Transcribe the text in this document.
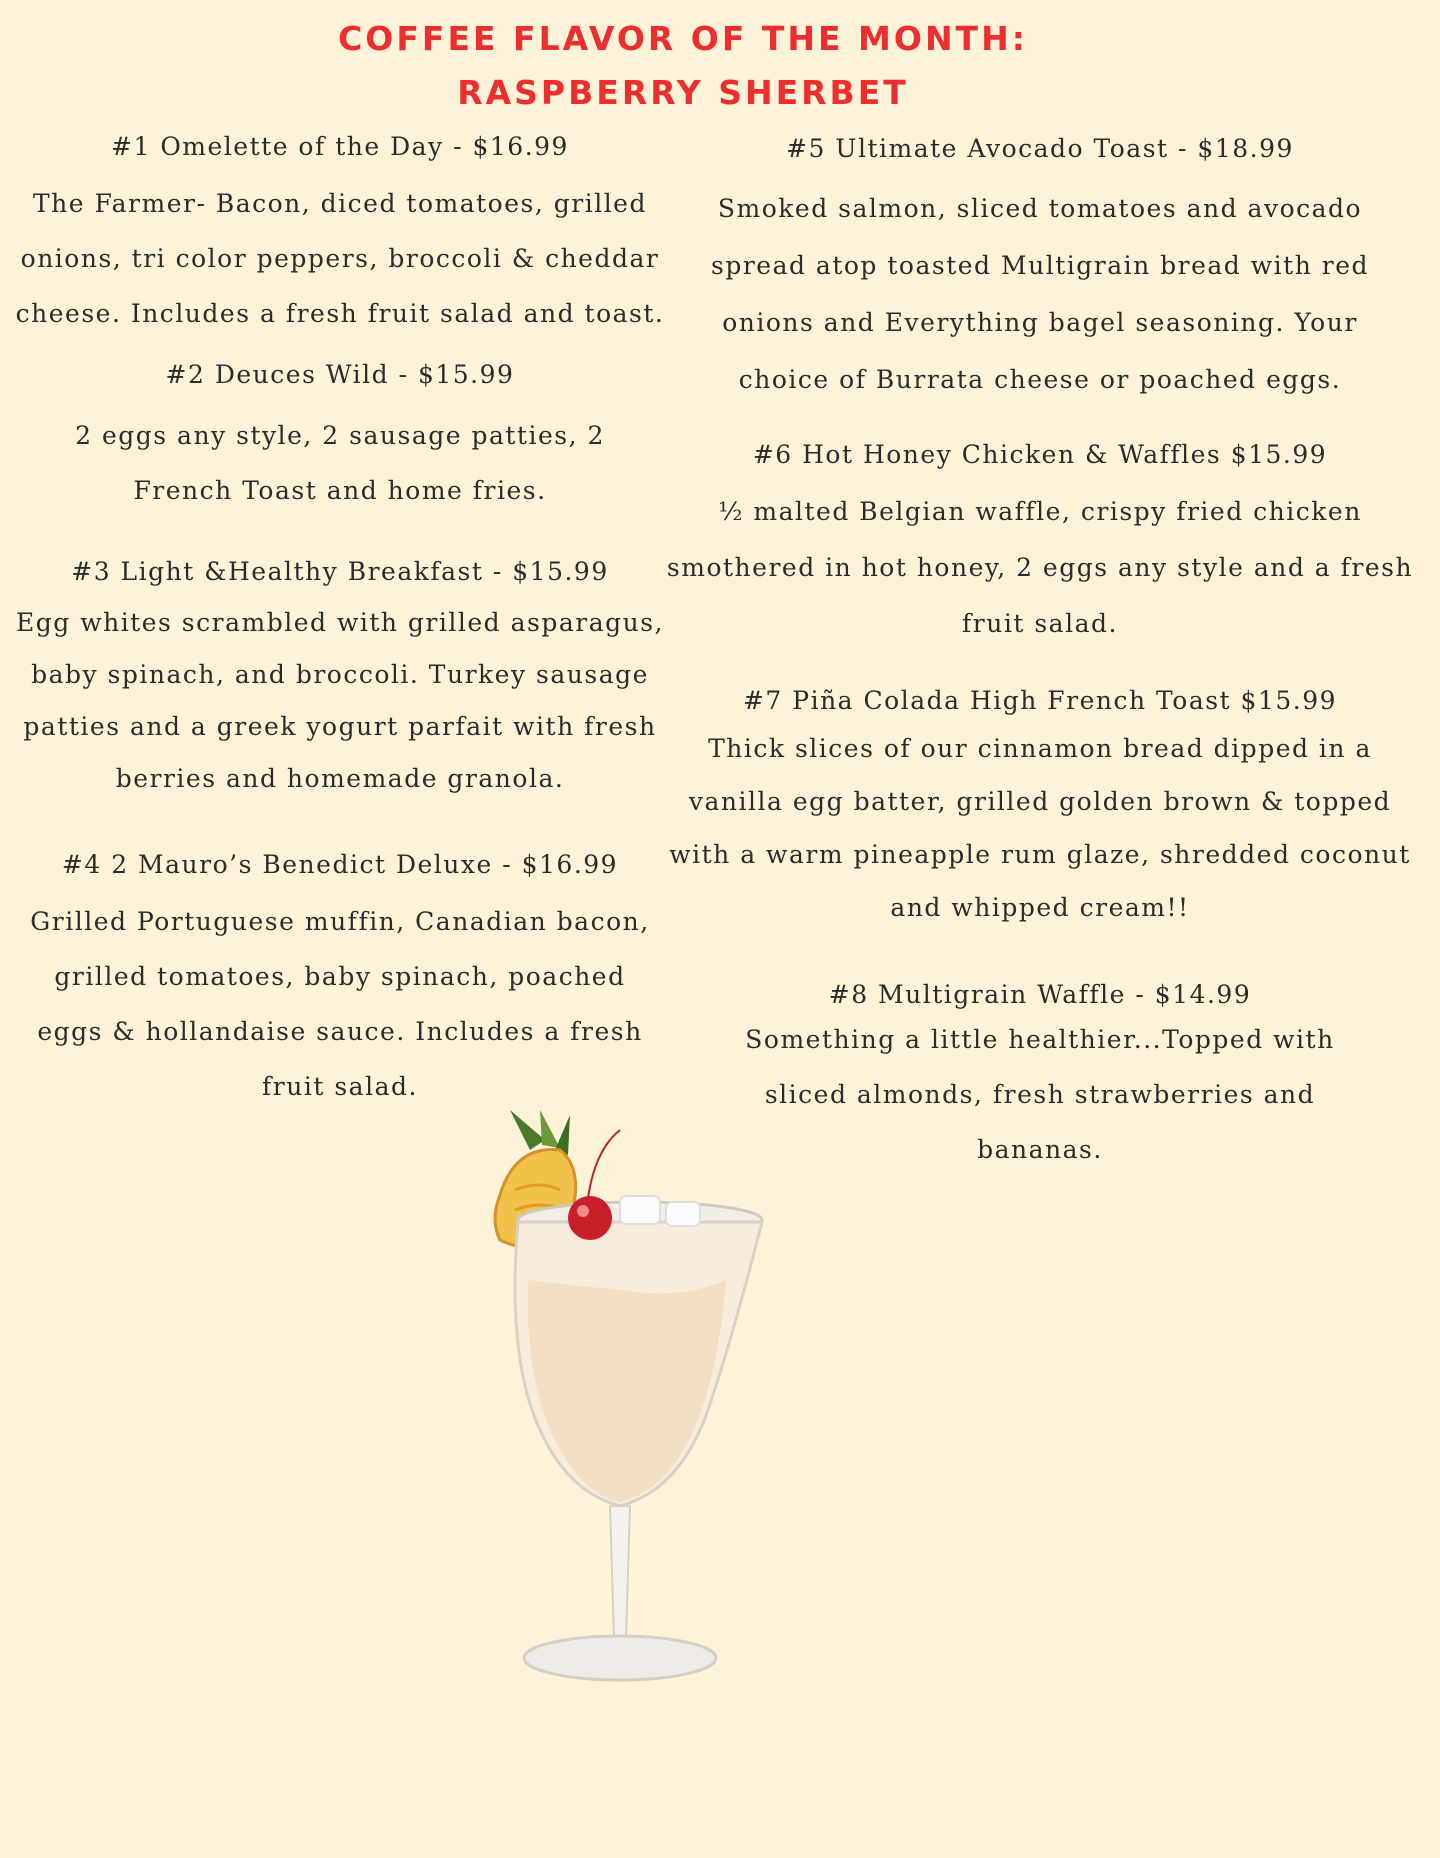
COFFEE FLAVOR OF THE MONTH:
RASPBERRY SHERBET
#1 Omelette of the Day - $16.99
The Farmer- Bacon, diced tomatoes, grilled onions, tri color peppers, broccoli & cheddar cheese. Includes a fresh fruit salad and toast.
#2 Deuces Wild - $15.99
2 eggs any style, 2 sausage patties, 2 French Toast and home fries.
#3 Light &Healthy Breakfast - $15.99
Egg whites scrambled with grilled asparagus, baby spinach, and broccoli. Turkey sausage patties and a greek yogurt parfait with fresh berries and homemade granola.
#4 2 Mauro’s Benedict Deluxe - $16.99
Grilled Portuguese muffin, Canadian bacon, grilled tomatoes, baby spinach, poached eggs & hollandaise sauce. Includes a fresh fruit salad.
#5 Ultimate Avocado Toast - $18.99
Smoked salmon, sliced tomatoes and avocado spread atop toasted Multigrain bread with red onions and Everything bagel seasoning. Your choice of Burrata cheese or poached eggs.
#6 Hot Honey Chicken & Waffles $15.99
½ malted Belgian waffle, crispy fried chicken smothered in hot honey, 2 eggs any style and a fresh fruit salad.
#7 Piña Colada High French Toast $15.99
Thick slices of our cinnamon bread dipped in a vanilla egg batter, grilled golden brown & topped with a warm pineapple rum glaze, shredded coconut and whipped cream!!
#8 Multigrain Waffle - $14.99
Something a little healthier...Topped with sliced almonds, fresh strawberries and bananas.
